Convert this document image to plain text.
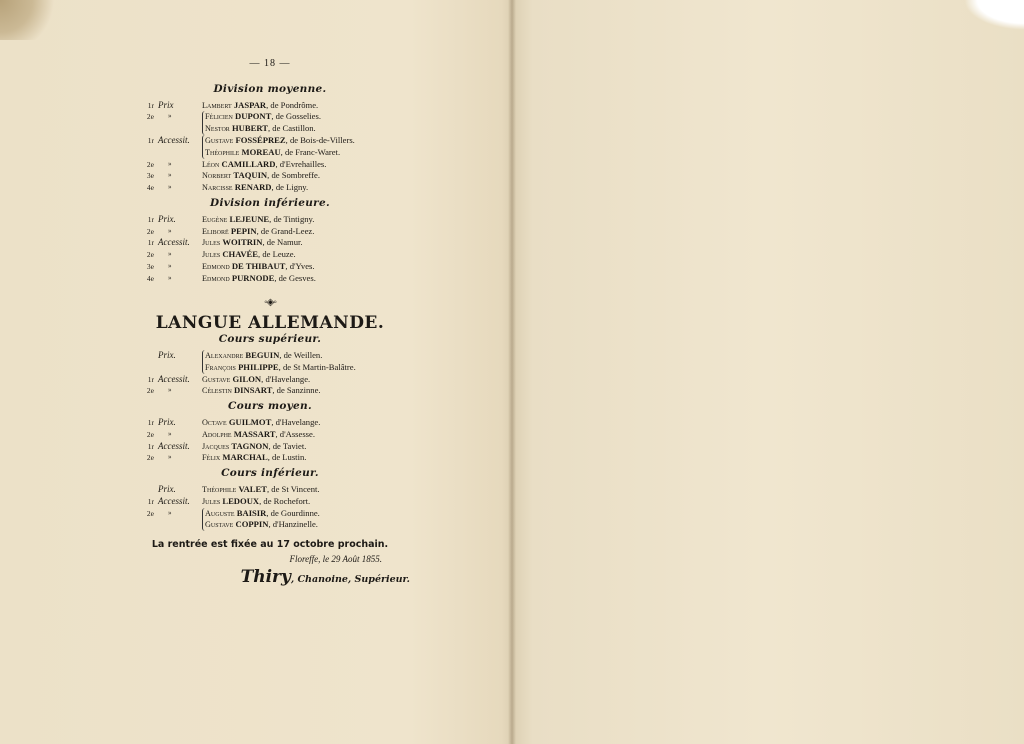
— 18 —
Division moyenne.
1r Prix	Lambert JASPAR, de Pondrôme.
2e	»	Félicien DUPONT, de Gosselies.
Nestor HUBERT, de Castillon.
1r Accessit.	Gustave FOSSÉPREZ, de Bois-de-Villers.
Théophile MOREAU, de Franc-Waret.
2e	»	Léon CAMILLARD, d'Evrehailles.
3e	»	Norbert TAQUIN, de Sombreffe.
4e	»	Narcisse RENARD, de Ligny.
Division inférieure.
1r Prix.	Eugène LEJEUNE, de Tintigny.
2e	»	Eliborë PEPIN, de Grand-Leez.
1r Accessit.	Jules WOITRIN, de Namur.
2e	»	Jules CHAVÉE, de Leuze.
3e	»	Edmond DE THIBAUT, d'Yves.
4e	»	Edmond PURNODE, de Gesves.
◦◈◦
LANGUE ALLEMANDE.
Cours supérieur.
Prix.	Alexandre BEGUIN, de Weillen.
François PHILIPPE, de St Martin-Balâtre.
1r Accessit.	Gustave GILON, d'Havelange.
2e	»	Célestin DINSART, de Sanzinne.
Cours moyen.
1r Prix.	Octave GUILMOT, d'Havelange.
2e	»	Adolphe MASSART, d'Assesse.
1r Accessit.	Jacques TAGNON, de Taviet.
2e	»	Félix MARCHAL, de Lustin.
Cours inférieur.
Prix.	Théophile VALET, de St Vincent.
1r Accessit.	Jules LEDOUX, de Rochefort.
2e	»	Auguste BAISIR, de Gourdinne.
Gustave COPPIN, d'Hanzinelle.
La rentrée est fixée au 17 octobre prochain.
Floreffe, le 29 Août 1855.
Thiry, Chanoine, Supérieur.
